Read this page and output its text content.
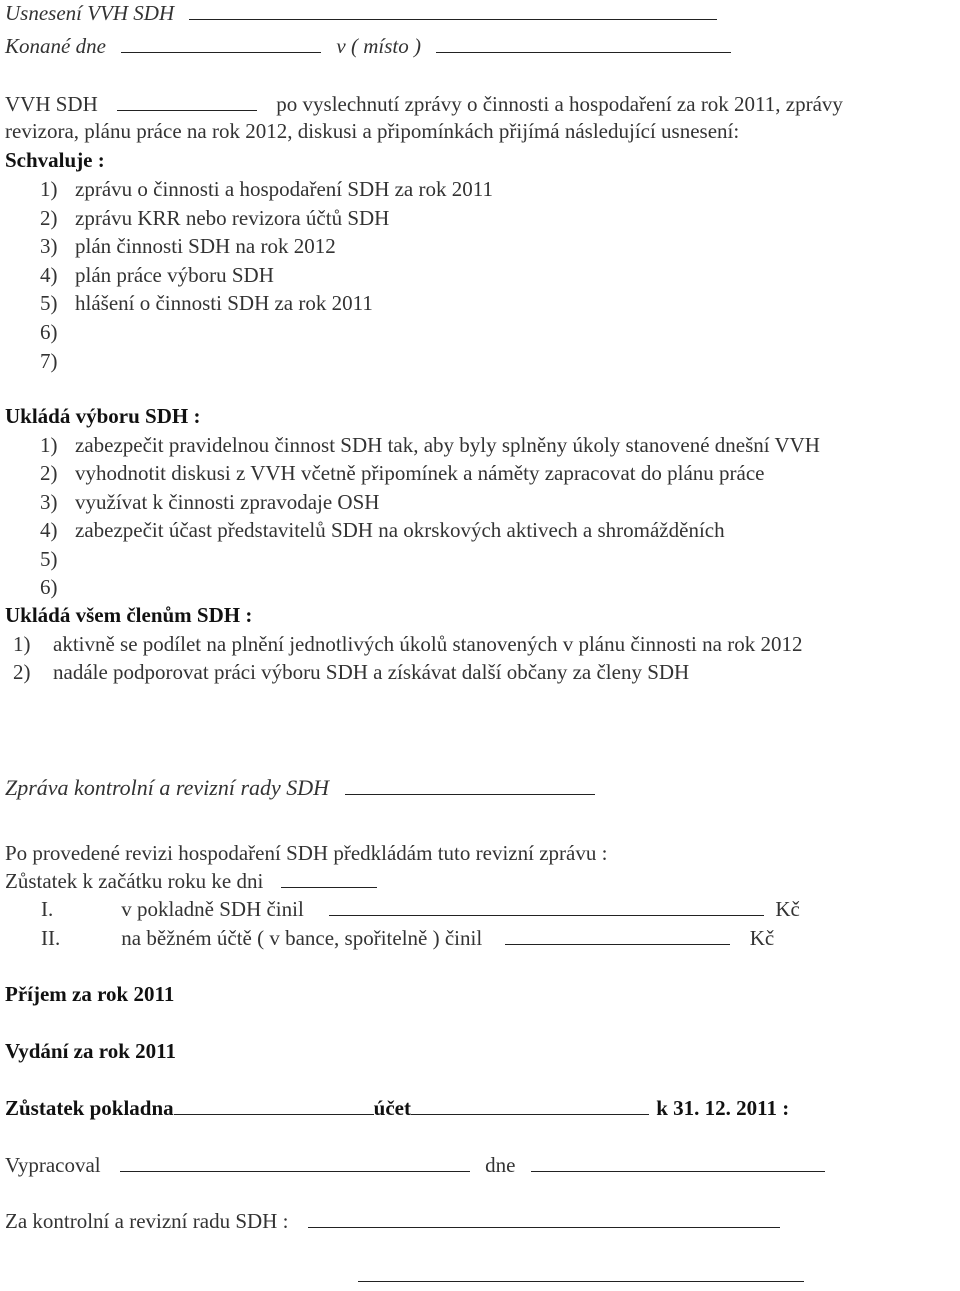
Usnesení VVH SDH
Konané dne	v ( místo )
VVH SDH	po vyslechnutí zprávy o činnosti a hospodaření za rok 2011, zprávy
revizora, plánu práce na rok 2012, diskusi a připomínkách přijímá následující usnesení:
Schvaluje :
1) zprávu o činnosti a hospodaření SDH za rok 2011
2) zprávu KRR nebo revizora účtů SDH
3) plán činnosti SDH na rok 2012
4) plán práce výboru SDH
5) hlášení o činnosti SDH za rok 2011
6)
7)
Ukládá výboru SDH :
1) zabezpečit pravidelnou činnost SDH tak, aby byly splněny úkoly stanovené dnešní VVH
2) vyhodnotit diskusi z VVH včetně připomínek a náměty zapracovat do plánu práce
3) využívat k činnosti zpravodaje OSH
4) zabezpečit účast představitelů SDH na okrskových aktivech a shromážděních
5)
6)
Ukládá všem členům SDH :
1) aktivně se podílet na plnění jednotlivých úkolů stanovených v plánu činnosti na rok 2012
2) nadále podporovat práci výboru SDH a získávat další občany za členy SDH
Zpráva kontrolní a revizní rady SDH
Po provedené revizi hospodaření SDH předkládám tuto revizní zprávu :
Zůstatek k začátku roku ke dni
I.	v pokladně SDH činil	Kč
II.	na běžném účtě ( v bance, spořitelně ) činil	Kč
Příjem za rok 2011
Vydání za rok 2011
Zůstatek pokladna	účet	k 31. 12. 2011 :
Vypracoval	dne
Za kontrolní a revizní radu SDH :
